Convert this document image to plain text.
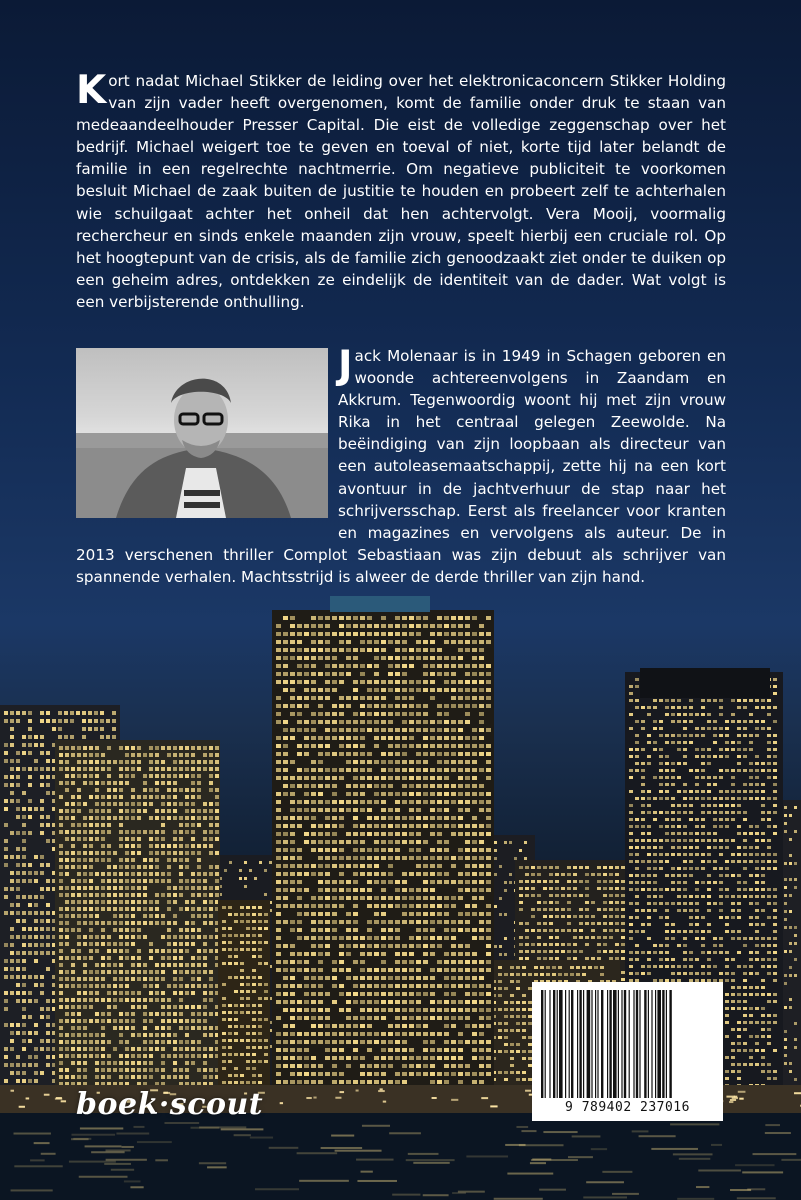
Kort nadat Michael Stikker de leiding over het elektronicaconcern Stikker Holding van zijn vader heeft overgenomen, komt de familie onder druk te staan van medeaandeelhouder Presser Capital. Die eist de volledige zeggenschap over het bedrijf. Michael weigert toe te geven en toeval of niet, korte tijd later belandt de familie in een regelrechte nachtmerrie. Om negatieve publiciteit te voorkomen besluit Michael de zaak buiten de justitie te houden en probeert zelf te achterhalen wie schuilgaat achter het onheil dat hen achtervolgt. Vera Mooij, voormalig rechercheur en sinds enkele maanden zijn vrouw, speelt hierbij een cruciale rol. Op het hoogtepunt van de crisis, als de familie zich genoodzaakt ziet onder te duiken op een geheim adres, ontdekken ze eindelijk de identiteit van de dader. Wat volgt is een verbijsterende onthulling.
Jack Molenaar is in 1949 in Schagen geboren en woonde achtereenvolgens in Zaandam en Akkrum. Tegenwoordig woont hij met zijn vrouw Rika in het centraal gelegen Zeewolde. Na beëindiging van zijn loopbaan als directeur van een autoleasemaatschappij, zette hij na een kort avontuur in de jachtverhuur de stap naar het schrijversschap. Eerst als freelancer voor kranten en magazines en vervolgens als auteur. De in 2013 verschenen thriller Complot Sebastiaan was zijn debuut als schrijver van spannende verhalen. Machtsstrijd is alweer de derde thriller van zijn hand.
boek·scout	9 789402 237016
